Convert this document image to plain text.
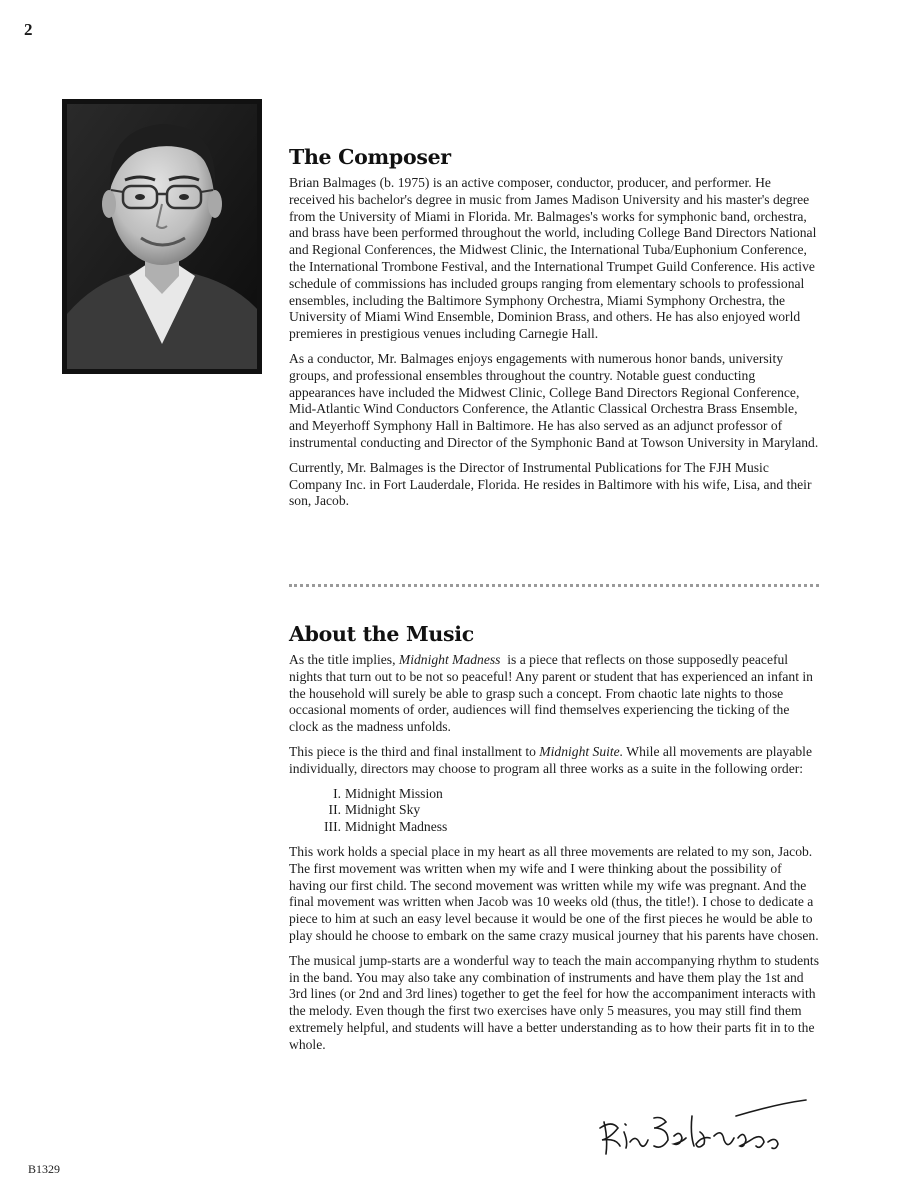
2
The Composer

Brian Balmages (b. 1975) is an active composer, conductor, producer, and performer. He received his bachelor's degree in music from James Madison University and his master's degree from the University of Miami in Florida. Mr. Balmages's works for symphonic band, orchestra, and brass have been performed throughout the world, including College Band Directors National and Regional Conferences, the Midwest Clinic, the International Tuba/Euphonium Conference, the International Trombone Festival, and the International Trumpet Guild Conference. His active schedule of commissions has included groups ranging from elementary schools to professional ensembles, including the Baltimore Symphony Orchestra, Miami Symphony Orchestra, the University of Miami Wind Ensemble, Dominion Brass, and others. He has also enjoyed world premieres in prestigious venues including Carnegie Hall.

As a conductor, Mr. Balmages enjoys engagements with numerous honor bands, university groups, and professional ensembles throughout the country. Notable guest conducting appearances have included the Midwest Clinic, College Band Directors Regional Conference, Mid-Atlantic Wind Conductors Conference, the Atlantic Classical Orchestra Brass Ensemble, and Meyerhoff Symphony Hall in Baltimore. He has also served as an adjunct professor of instrumental conducting and Director of the Symphonic Band at Towson University in Maryland.

Currently, Mr. Balmages is the Director of Instrumental Publications for The FJH Music Company Inc. in Fort Lauderdale, Florida. He resides in Baltimore with his wife, Lisa, and their son, Jacob.

About the Music

As the title implies, Midnight Madness  is a piece that reflects on those supposedly peaceful nights that turn out to be not so peaceful! Any parent or student that has experienced an infant in the household will surely be able to grasp such a concept. From chaotic late nights to those occasional moments of order, audiences will find themselves experiencing the ticking of the clock as the madness unfolds.

This piece is the third and final installment to Midnight Suite. While all movements are playable individually, directors may choose to program all three works as a suite in the following order:

I. Midnight Mission
II. Midnight Sky
III. Midnight Madness

This work holds a special place in my heart as all three movements are related to my son, Jacob. The first movement was written when my wife and I were thinking about the possibility of having our first child. The second movement was written while my wife was pregnant. And the final movement was written when Jacob was 10 weeks old (thus, the title!). I chose to dedicate a piece to him at such an easy level because it would be one of the first pieces he would be able to play should he choose to embark on the same crazy musical journey that his parents have chosen.

The musical jump-starts are a wonderful way to teach the main accompanying rhythm to students in the band. You may also take any combination of instruments and have them play the 1st and 3rd lines (or 2nd and 3rd lines) together to get the feel for how the accompaniment interacts with the melody. Even though the first two exercises have only 5 measures, you may still find them extremely helpful, and students will have a better understanding as to how their parts fit in to the whole.

B1329
